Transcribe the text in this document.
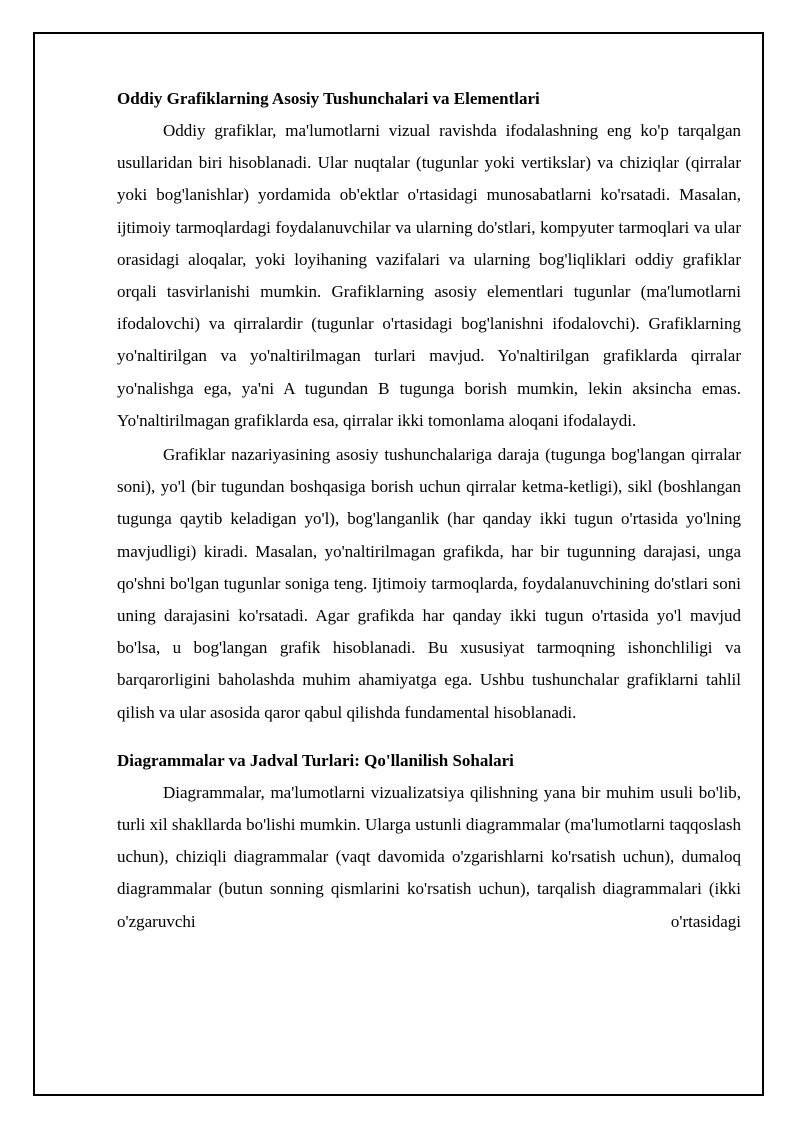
Oddiy Grafiklarning Asosiy Tushunchalari va Elementlari

Oddiy grafiklar, ma'lumotlarni vizual ravishda ifodalashning eng ko'p tarqalgan usullaridan biri hisoblanadi. Ular nuqtalar (tugunlar yoki vertikslar) va chiziqlar (qirralar yoki bog'lanishlar) yordamida ob'ektlar o'rtasidagi munosabatlarni ko'rsatadi. Masalan, ijtimoiy tarmoqlardagi foydalanuvchilar va ularning do'stlari, kompyuter tarmoqlari va ular orasidagi aloqalar, yoki loyihaning vazifalari va ularning bog'liqliklari oddiy grafiklar orqali tasvirlanishi mumkin. Grafiklarning asosiy elementlari tugunlar (ma'lumotlarni ifodalovchi) va qirralardir (tugunlar o'rtasidagi bog'lanishni ifodalovchi). Grafiklarning yo'naltirilgan va yo'naltirilmagan turlari mavjud. Yo'naltirilgan grafiklarda qirralar yo'nalishga ega, ya'ni A tugundan B tugunga borish mumkin, lekin aksincha emas. Yo'naltirilmagan grafiklarda esa, qirralar ikki tomonlama aloqani ifodalaydi.

Grafiklar nazariyasining asosiy tushunchalariga daraja (tugunga bog'langan qirralar soni), yo'l (bir tugundan boshqasiga borish uchun qirralar ketma-ketligi), sikl (boshlangan tugunga qaytib keladigan yo'l), bog'langanlik (har qanday ikki tugun o'rtasida yo'lning mavjudligi) kiradi. Masalan, yo'naltirilmagan grafikda, har bir tugunning darajasi, unga qo'shni bo'lgan tugunlar soniga teng. Ijtimoiy tarmoqlarda, foydalanuvchining do'stlari soni uning darajasini ko'rsatadi. Agar grafikda har qanday ikki tugun o'rtasida yo'l mavjud bo'lsa, u bog'langan grafik hisoblanadi. Bu xususiyat tarmoqning ishonchliligi va barqarorligini baholashda muhim ahamiyatga ega. Ushbu tushunchalar grafiklarni tahlil qilish va ular asosida qaror qabul qilishda fundamental hisoblanadi.

Diagrammalar va Jadval Turlari: Qo'llanilish Sohalari

Diagrammalar, ma'lumotlarni vizualizatsiya qilishning yana bir muhim usuli bo'lib, turli xil shakllarda bo'lishi mumkin. Ularga ustunli diagrammalar (ma'lumotlarni taqqoslash uchun), chiziqli diagrammalar (vaqt davomida o'zgarishlarni ko'rsatish uchun), dumaloq diagrammalar (butun sonning qismlarini ko'rsatish uchun), tarqalish diagrammalari (ikki o'zgaruvchi o'rtasidagi
